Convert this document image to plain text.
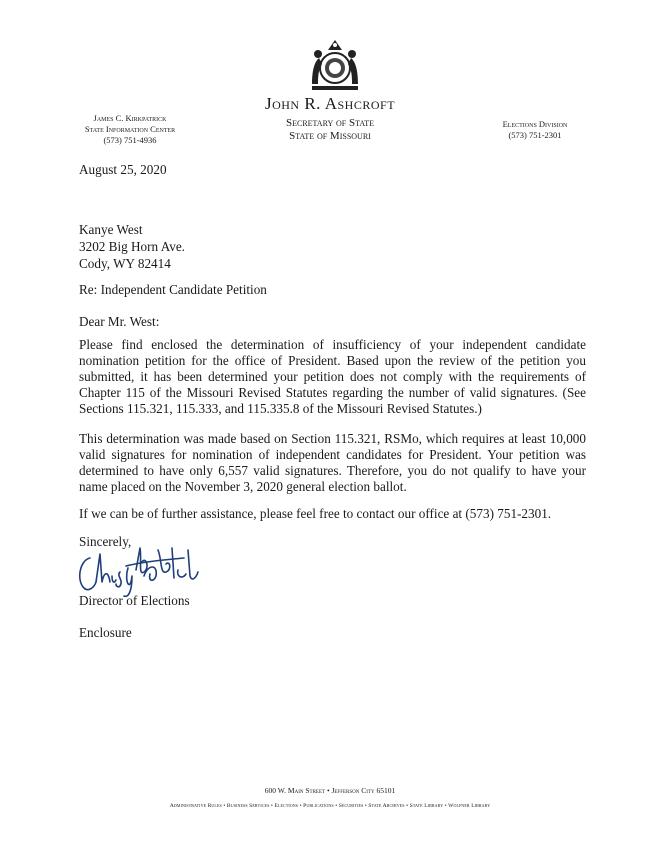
John R. Ashcroft
Secretary of State
State of Missouri
James C. Kirkpatrick
State Information Center
(573) 751-4936
Elections Division
(573) 751-2301
August 25, 2020
Kanye West
3202 Big Horn Ave.
Cody, WY 82414
Re: Independent Candidate Petition
Dear Mr. West:
Please find enclosed the determination of insufficiency of your independent candidate nomination petition for the office of President. Based upon the review of the petition you submitted, it has been determined your petition does not comply with the requirements of Chapter 115 of the Missouri Revised Statutes regarding the number of valid signatures. (See Sections 115.321, 115.333, and 115.335.8 of the Missouri Revised Statutes.)
This determination was made based on Section 115.321, RSMo, which requires at least 10,000 valid signatures for nomination of independent candidates for President. Your petition was determined to have only 6,557 valid signatures. Therefore, you do not qualify to have your name placed on the November 3, 2020 general election ballot.
If we can be of further assistance, please feel free to contact our office at (573) 751-2301.
Sincerely,
Director of Elections
Enclosure
600 W. Main Street • Jefferson City 65101
Administrative Rules • Business Services • Elections • Publications • Securities • State Archives • State Library • Wolfner Library
